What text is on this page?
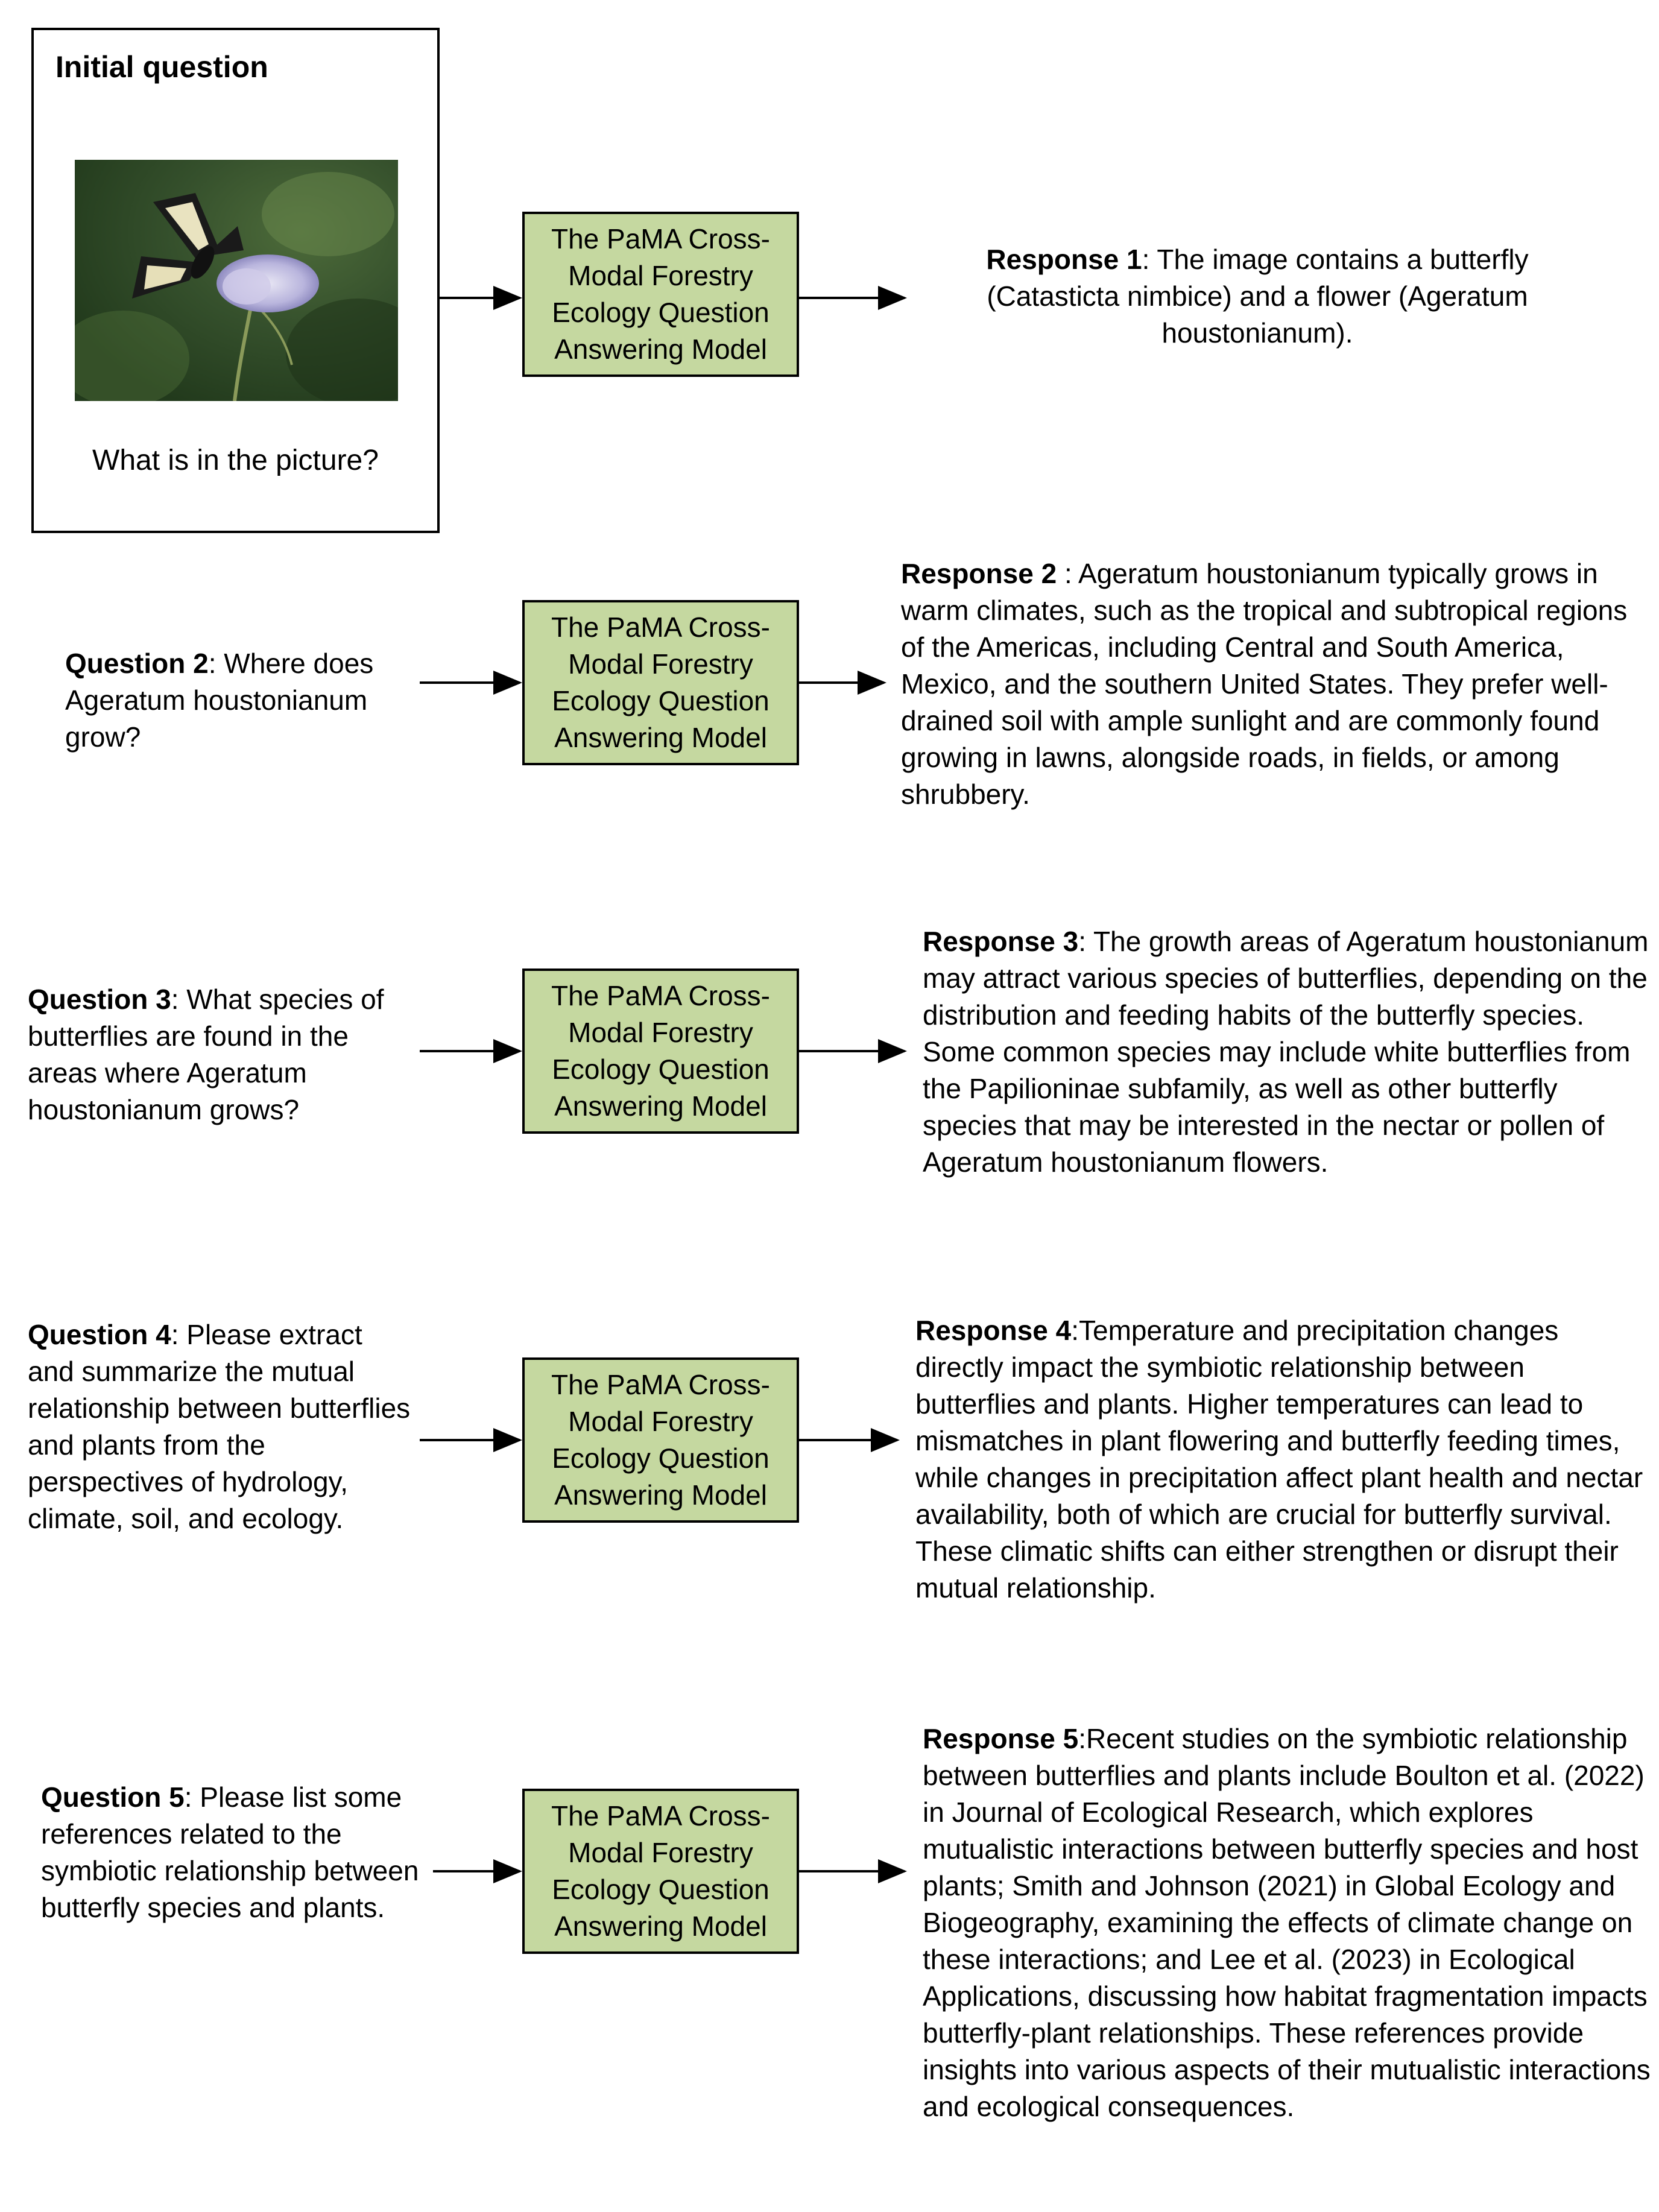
Initial question
What is in the picture?
The PaMA Cross-Modal Forestry Ecology Question Answering Model
The PaMA Cross-Modal Forestry Ecology Question Answering Model
The PaMA Cross-Modal Forestry Ecology Question Answering Model
The PaMA Cross-Modal Forestry Ecology Question Answering Model
The PaMA Cross-Modal Forestry Ecology Question Answering Model
Question 2: Where does Ageratum houstonianum grow?
Question 3: What species of butterflies are found in the areas where Ageratum houstonianum grows?
Question 4: Please extract and summarize the mutual relationship between butterflies and plants from the perspectives of hydrology, climate, soil, and ecology.
Question 5: Please list some references related to the symbiotic relationship between butterfly species and plants.
Response 1: The image contains a butterfly (Catasticta nimbice) and a flower (Ageratum houstonianum).
Response 2 : Ageratum houstonianum typically grows in warm climates, such as the tropical and subtropical regions of the Americas, including Central and South America, Mexico, and the southern United States. They prefer well-drained soil with ample sunlight and are commonly found growing in lawns, alongside roads, in fields, or among shrubbery.
Response 3: The growth areas of Ageratum houstonianum may attract various species of butterflies, depending on the distribution and feeding habits of the butterfly species. Some common species may include white butterflies from the Papilioninae subfamily, as well as other butterfly species that may be interested in the nectar or pollen of Ageratum houstonianum flowers.
Response 4:Temperature and precipitation changes directly impact the symbiotic relationship between butterflies and plants. Higher temperatures can lead to mismatches in plant flowering and butterfly feeding times, while changes in precipitation affect plant health and nectar availability, both of which are crucial for butterfly survival. These climatic shifts can either strengthen or disrupt their mutual relationship.
Response 5:Recent studies on the symbiotic relationship between butterflies and plants include Boulton et al. (2022) in Journal of Ecological Research, which explores mutualistic interactions between butterfly species and host plants; Smith and Johnson (2021) in Global Ecology and Biogeography, examining the effects of climate change on these interactions; and Lee et al. (2023) in Ecological Applications, discussing how habitat fragmentation impacts butterfly-plant relationships. These references provide insights into various aspects of their mutualistic interactions and ecological consequences.
